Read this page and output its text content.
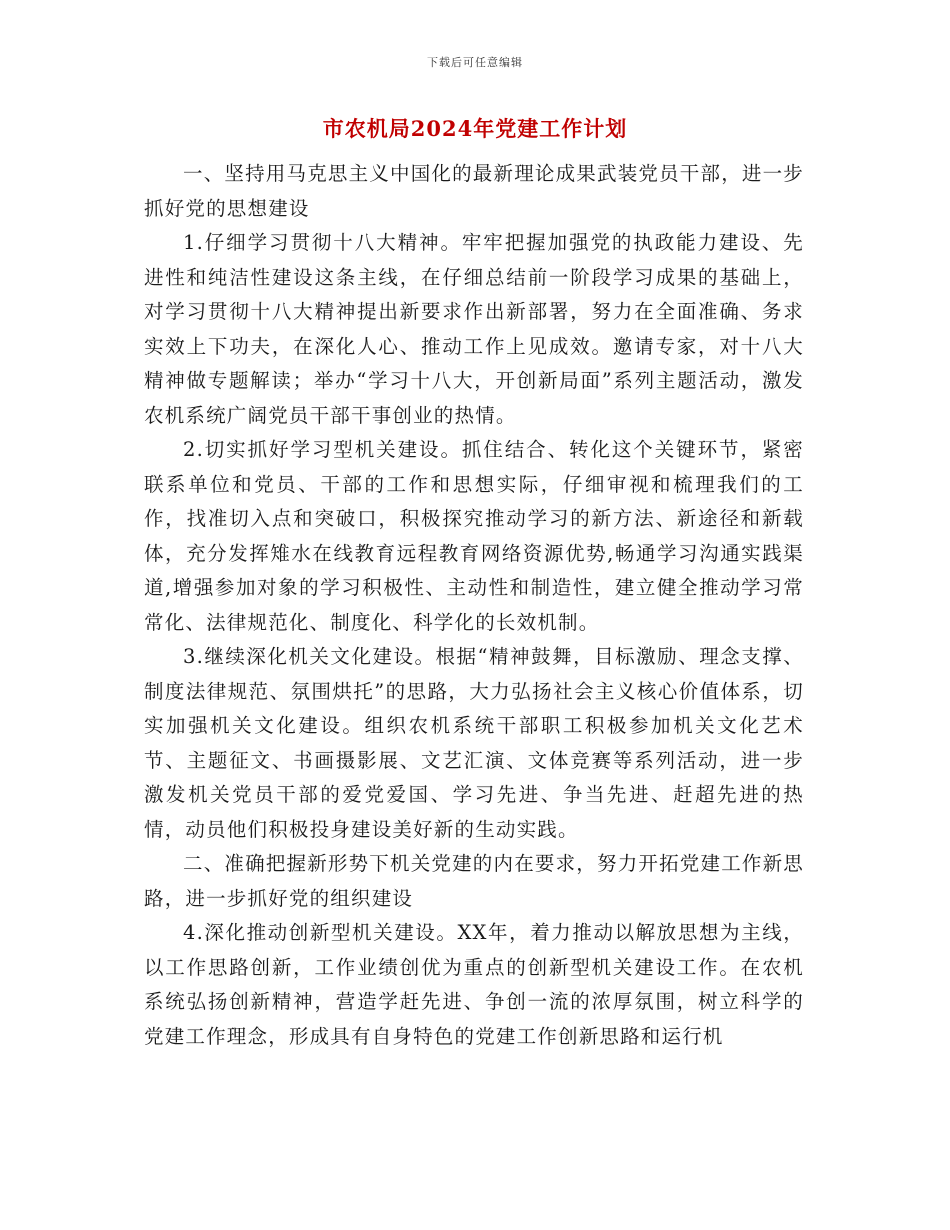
下载后可任意编辑
市农机局2024年党建工作计划

一、坚持用马克思主义中国化的最新理论成果武装党员干部，进一步抓好党的思想建设

1.仔细学习贯彻十八大精神。牢牢把握加强党的执政能力建设、先进性和纯洁性建设这条主线，在仔细总结前一阶段学习成果的基础上，对学习贯彻十八大精神提出新要求作出新部署，努力在全面准确、务求实效上下功夫，在深化人心、推动工作上见成效。邀请专家，对十八大精神做专题解读；举办“学习十八大，开创新局面”系列主题活动，激发农机系统广阔党员干部干事创业的热情。

2.切实抓好学习型机关建设。抓住结合、转化这个关键环节，紧密联系单位和党员、干部的工作和思想实际，仔细审视和梳理我们的工作，找准切入点和突破口，积极探究推动学习的新方法、新途径和新载体，充分发挥雉水在线教育远程教育网络资源优势,畅通学习沟通实践渠道,增强参加对象的学习积极性、主动性和制造性，建立健全推动学习常常化、法律规范化、制度化、科学化的长效机制。

3.继续深化机关文化建设。根据“精神鼓舞，目标激励、理念支撑、制度法律规范、氛围烘托”的思路，大力弘扬社会主义核心价值体系，切实加强机关文化建设。组织农机系统干部职工积极参加机关文化艺术节、主题征文、书画摄影展、文艺汇演、文体竞赛等系列活动，进一步激发机关党员干部的爱党爱国、学习先进、争当先进、赶超先进的热情，动员他们积极投身建设美好新的生动实践。

二、准确把握新形势下机关党建的内在要求，努力开拓党建工作新思路，进一步抓好党的组织建设

4.深化推动创新型机关建设。XX年，着力推动以解放思想为主线，以工作思路创新，工作业绩创优为重点的创新型机关建设工作。在农机系统弘扬创新精神，营造学赶先进、争创一流的浓厚氛围，树立科学的党建工作理念，形成具有自身特色的党建工作创新思路和运行机
